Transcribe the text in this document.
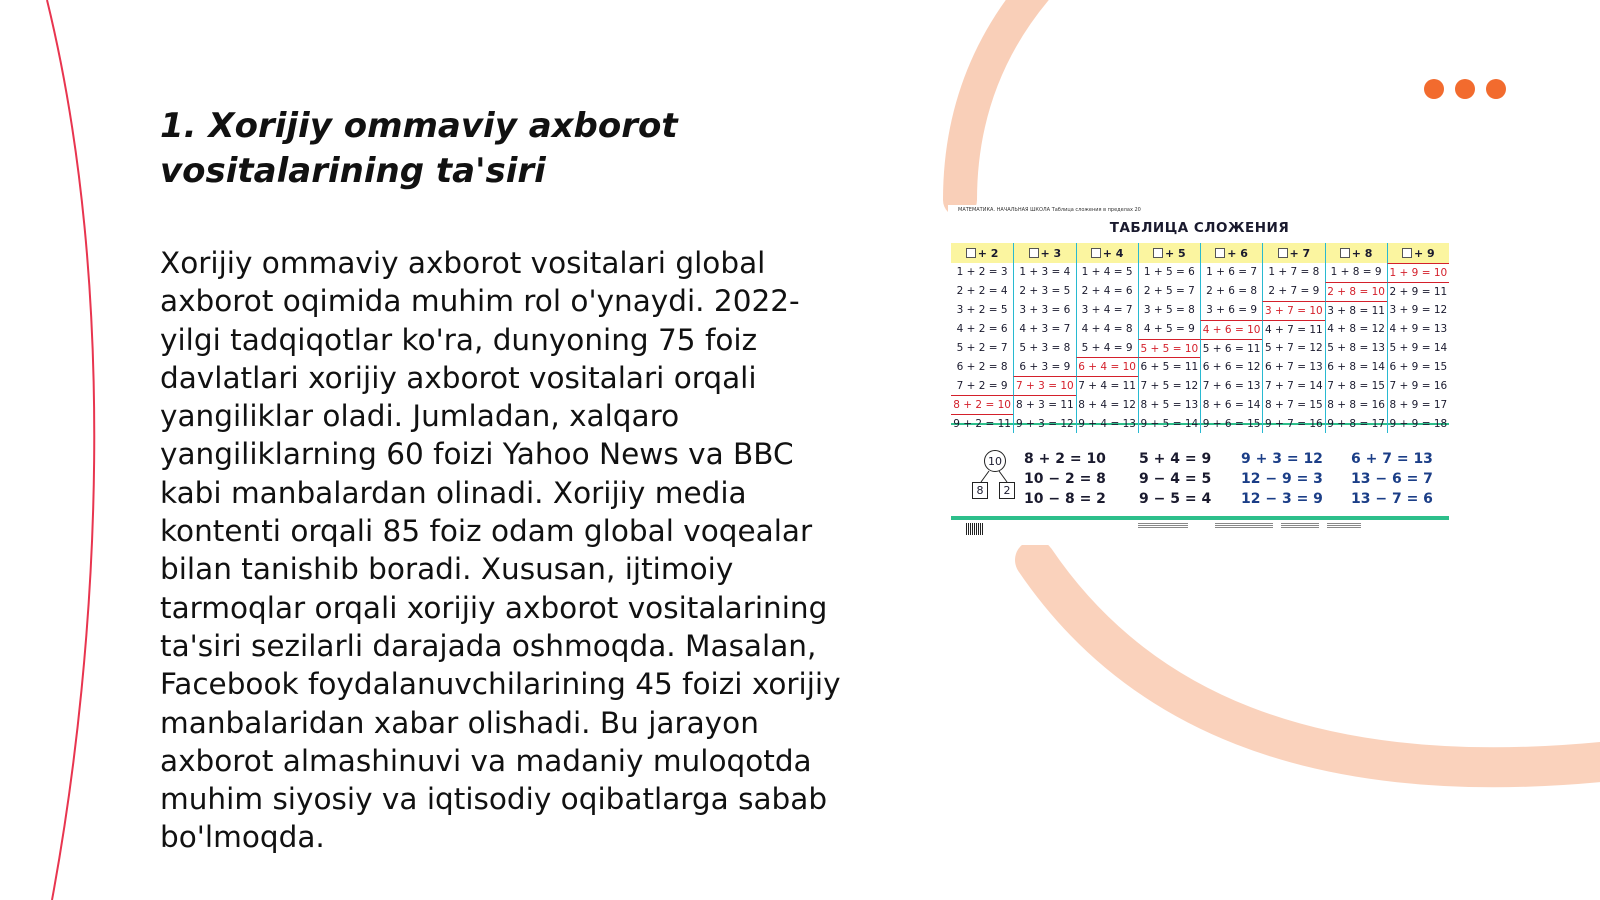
1. Xorijiy ommaviy axborot vositalarining ta'siri

Xorijiy ommaviy axborot vositalari global axborot oqimida muhim rol o'ynaydi. 2022-yilgi tadqiqotlar ko'ra, dunyoning 75 foiz davlatlari xorijiy axborot vositalari orqali yangiliklar oladi. Jumladan, xalqaro yangiliklarning 60 foizi Yahoo News va BBC kabi manbalardan olinadi. Xorijiy media kontenti orqali 85 foiz odam global voqealar bilan tanishib boradi. Xususan, ijtimoiy tarmoqlar orqali xorijiy axborot vositalarining ta'siri sezilarli darajada oshmoqda. Masalan, Facebook foydalanuvchilarining 45 foizi xorijiy manbalaridan xabar olishadi. Bu jarayon axborot almashinuvi va madaniy muloqotda muhim siyosiy va iqtisodiy oqibatlarga sabab bo'lmoqda.

МАТЕМАТИКА. НАЧАЛЬНАЯ ШКОЛА Таблица сложения в пределах 20
ТАБЛИЦА СЛОЖЕНИЯ
+ 2	+ 3	+ 4	+ 5	+ 6	+ 7	+ 8	+ 9
1 + 2 = 3	1 + 3 = 4	1 + 4 = 5	1 + 5 = 6	1 + 6 = 7	1 + 7 = 8	1 + 8 = 9 1 + 9 = 10
2 + 2 = 4	2 + 3 = 5	2 + 4 = 6	2 + 5 = 7	2 + 6 = 8	2 + 7 = 9 2 + 8 = 10 2 + 9 = 11
3 + 2 = 5	3 + 3 = 6	3 + 4 = 7	3 + 5 = 8	3 + 6 = 9 3 + 7 = 10 3 + 8 = 11 3 + 9 = 12
4 + 2 = 6	4 + 3 = 7	4 + 4 = 8	4 + 5 = 9 4 + 6 = 10 4 + 7 = 11 4 + 8 = 12 4 + 9 = 13
5 + 2 = 7	5 + 3 = 8	5 + 4 = 9 5 + 5 = 10 5 + 6 = 11 5 + 7 = 12 5 + 8 = 13 5 + 9 = 14
6 + 2 = 8	6 + 3 = 9 6 + 4 = 10 6 + 5 = 11 6 + 6 = 12 6 + 7 = 13 6 + 8 = 14 6 + 9 = 15
7 + 2 = 9 7 + 3 = 10 7 + 4 = 11 7 + 5 = 12 7 + 6 = 13 7 + 7 = 14 7 + 8 = 15 7 + 9 = 16
8 + 2 = 10 8 + 3 = 11 8 + 4 = 12 8 + 5 = 13 8 + 6 = 14 8 + 7 = 15 8 + 8 = 16 8 + 9 = 17
9 + 2 = 11 9 + 3 = 12 9 + 4 = 13 9 + 5 = 14 9 + 6 = 15 9 + 7 = 16 9 + 8 = 17 9 + 9 = 18
10
8	2
8 + 2 = 10
10 − 2 = 8
10 − 8 = 2
5 + 4 = 9
9 − 4 = 5
9 − 5 = 4
9 + 3 = 12
12 − 9 = 3
12 − 3 = 9
6 + 7 = 13
13 − 6 = 7
13 − 7 = 6
